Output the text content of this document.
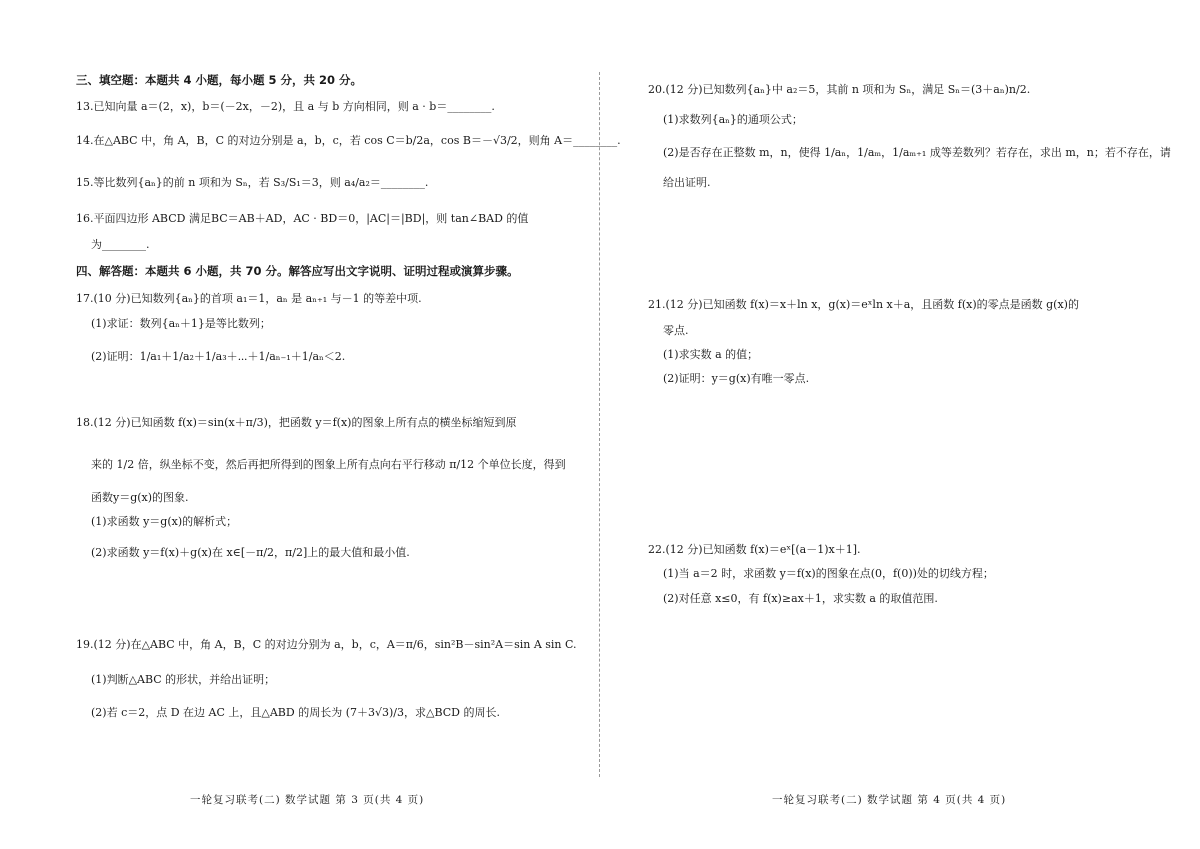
三、填空题：本题共 4 小题，每小题 5 分，共 20 分。
13.已知向量 a＝(2，x)，b＝(－2x，－2)，且 a 与 b 方向相同，则 a · b＝________.
14.在△ABC 中，角 A，B，C 的对边分别是 a，b，c，若 cos C＝b/2a，cos B＝－√3/2，则角 A＝________.
15.等比数列{aₙ}的前 n 项和为 Sₙ，若 S₃/S₁＝3，则 a₄/a₂＝________.
16.平面四边形 ABCD 满足BC＝AB＋AD，AC · BD＝0，|AC|＝|BD|，则 tan∠BAD 的值
为________.
四、解答题：本题共 6 小题，共 70 分。解答应写出文字说明、证明过程或演算步骤。
17.(10 分)已知数列{aₙ}的首项 a₁＝1，aₙ 是 aₙ₊₁ 与－1 的等差中项.
(1)求证：数列{aₙ＋1}是等比数列；
(2)证明：1/a₁＋1/a₂＋1/a₃＋⋯＋1/aₙ₋₁＋1/aₙ＜2.
18.(12 分)已知函数 f(x)＝sin(x＋π/3)，把函数 y＝f(x)的图象上所有点的横坐标缩短到原
来的 1/2 倍，纵坐标不变，然后再把所得到的图象上所有点向右平行移动 π/12 个单位长度，得到
函数y＝g(x)的图象.
(1)求函数 y＝g(x)的解析式；
(2)求函数 y＝f(x)＋g(x)在 x∈[－π/2，π/2]上的最大值和最小值.
19.(12 分)在△ABC 中，角 A，B，C 的对边分别为 a，b，c，A＝π/6，sin²B－sin²A＝sin A sin C.
(1)判断△ABC 的形状，并给出证明；
(2)若 c＝2，点 D 在边 AC 上，且△ABD 的周长为 (7＋3√3)/3，求△BCD 的周长.
一轮复习联考(二) 数学试题 第 3 页(共 4 页)
20.(12 分)已知数列{aₙ}中 a₂＝5，其前 n 项和为 Sₙ，满足 Sₙ＝(3＋aₙ)n/2.
(1)求数列{aₙ}的通项公式；
(2)是否存在正整数 m，n，使得 1/aₙ，1/aₘ，1/aₘ₊₁ 成等差数列？若存在，求出 m，n；若不存在，请
给出证明.
21.(12 分)已知函数 f(x)＝x＋ln x，g(x)＝eˣln x＋a，且函数 f(x)的零点是函数 g(x)的
零点.
(1)求实数 a 的值；
(2)证明：y＝g(x)有唯一零点.
22.(12 分)已知函数 f(x)＝eˣ[(a－1)x＋1].
(1)当 a＝2 时，求函数 y＝f(x)的图象在点(0，f(0))处的切线方程；
(2)对任意 x≤0，有 f(x)≥ax＋1，求实数 a 的取值范围.
一轮复习联考(二) 数学试题 第 4 页(共 4 页)
